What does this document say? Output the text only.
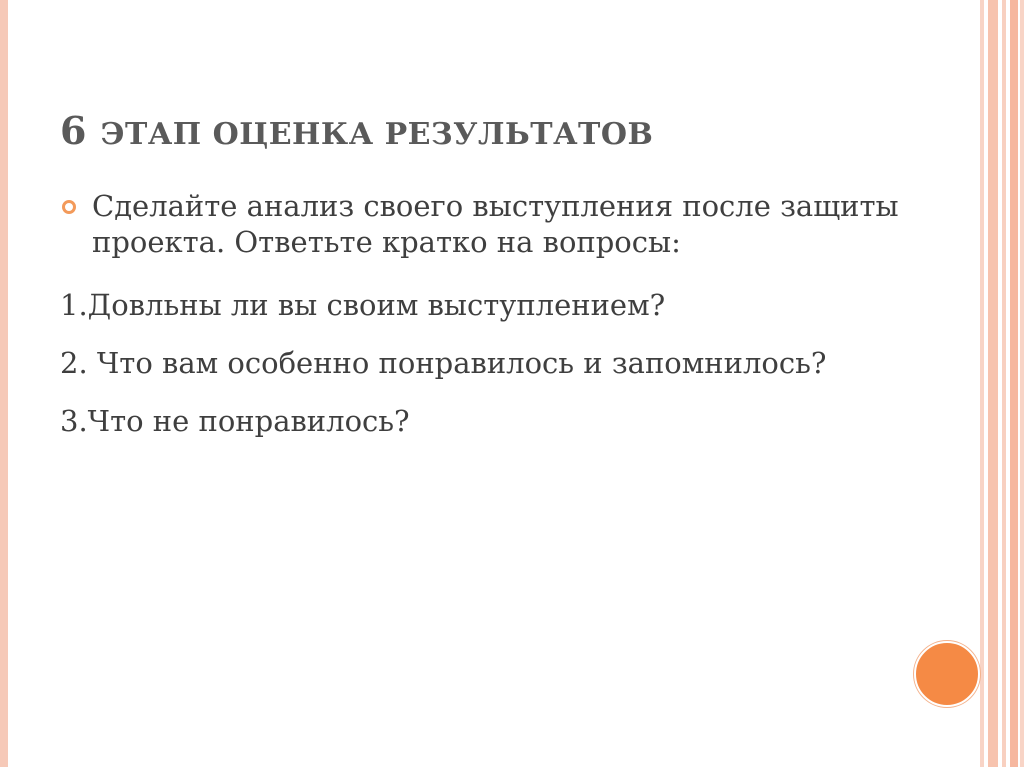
6 ЭТАП ОЦЕНКА РЕЗУЛЬТАТОВ
Сделайте анализ своего выступления после защиты проекта. Ответьте кратко на вопросы:

1.Довльны ли вы своим выступлением?

2. Что вам особенно понравилось и запомнилось?

3.Что не понравилось?
